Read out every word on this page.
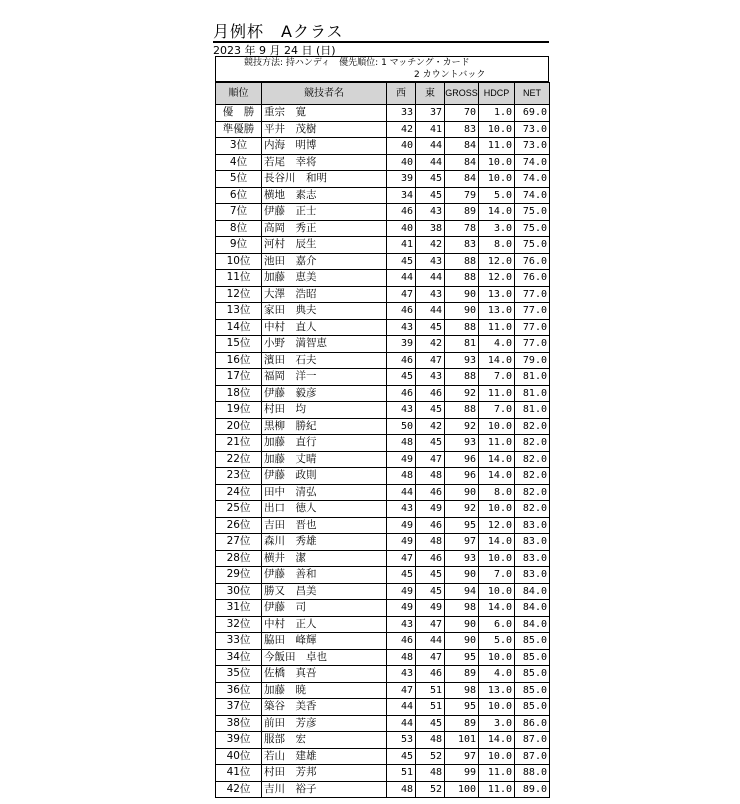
月例杯　Aクラス
2023 年 9 月 24 日 (日)
競技方法: 持ハンディ　優先順位: 1 マッチング・カード
2 カウントバック
順位	競技者名	西	東	GROSS	HDCP	NET
優　勝	重宗　寛	33	37	70	1.0	69.0
準優勝	平井　茂樹	42	41	83	10.0	73.0
3位	内海　明博	40	44	84	11.0	73.0
4位	若尾　幸将	40	44	84	10.0	74.0
5位	長谷川　和明	39	45	84	10.0	74.0
6位	横地　素志	34	45	79	5.0	74.0
7位	伊藤　正士	46	43	89	14.0	75.0
8位	高岡　秀正	40	38	78	3.0	75.0
9位	河村　辰生	41	42	83	8.0	75.0
10位	池田　嘉介	45	43	88	12.0	76.0
11位	加藤　恵美	44	44	88	12.0	76.0
12位	大澤　浩昭	47	43	90	13.0	77.0
13位	家田　典夫	46	44	90	13.0	77.0
14位	中村　直人	43	45	88	11.0	77.0
15位	小野　満智恵	39	42	81	4.0	77.0
16位	濱田　石夫	46	47	93	14.0	79.0
17位	福岡　洋一	45	43	88	7.0	81.0
18位	伊藤　毅彦	46	46	92	11.0	81.0
19位	村田　均	43	45	88	7.0	81.0
20位	黒柳　勝紀	50	42	92	10.0	82.0
21位	加藤　直行	48	45	93	11.0	82.0
22位	加藤　丈晴	49	47	96	14.0	82.0
23位	伊藤　政則	48	48	96	14.0	82.0
24位	田中　清弘	44	46	90	8.0	82.0
25位	出口　徳人	43	49	92	10.0	82.0
26位	吉田　晋也	49	46	95	12.0	83.0
27位	森川　秀雄	49	48	97	14.0	83.0
28位	横井　潔	47	46	93	10.0	83.0
29位	伊藤　善和	45	45	90	7.0	83.0
30位	勝又　昌美	49	45	94	10.0	84.0
31位	伊藤　司	49	49	98	14.0	84.0
32位	中村　正人	43	47	90	6.0	84.0
33位	脇田　峰輝	46	44	90	5.0	85.0
34位	今飯田　卓也	48	47	95	10.0	85.0
35位	佐橋　真吾	43	46	89	4.0	85.0
36位	加藤　暁	47	51	98	13.0	85.0
37位	築谷　美香	44	51	95	10.0	85.0
38位	前田　芳彦	44	45	89	3.0	86.0
39位	服部　宏	53	48	101	14.0	87.0
40位	若山　建雄	45	52	97	10.0	87.0
41位	村田　芳邦	51	48	99	11.0	88.0
42位	吉川　裕子	48	52	100	11.0	89.0
